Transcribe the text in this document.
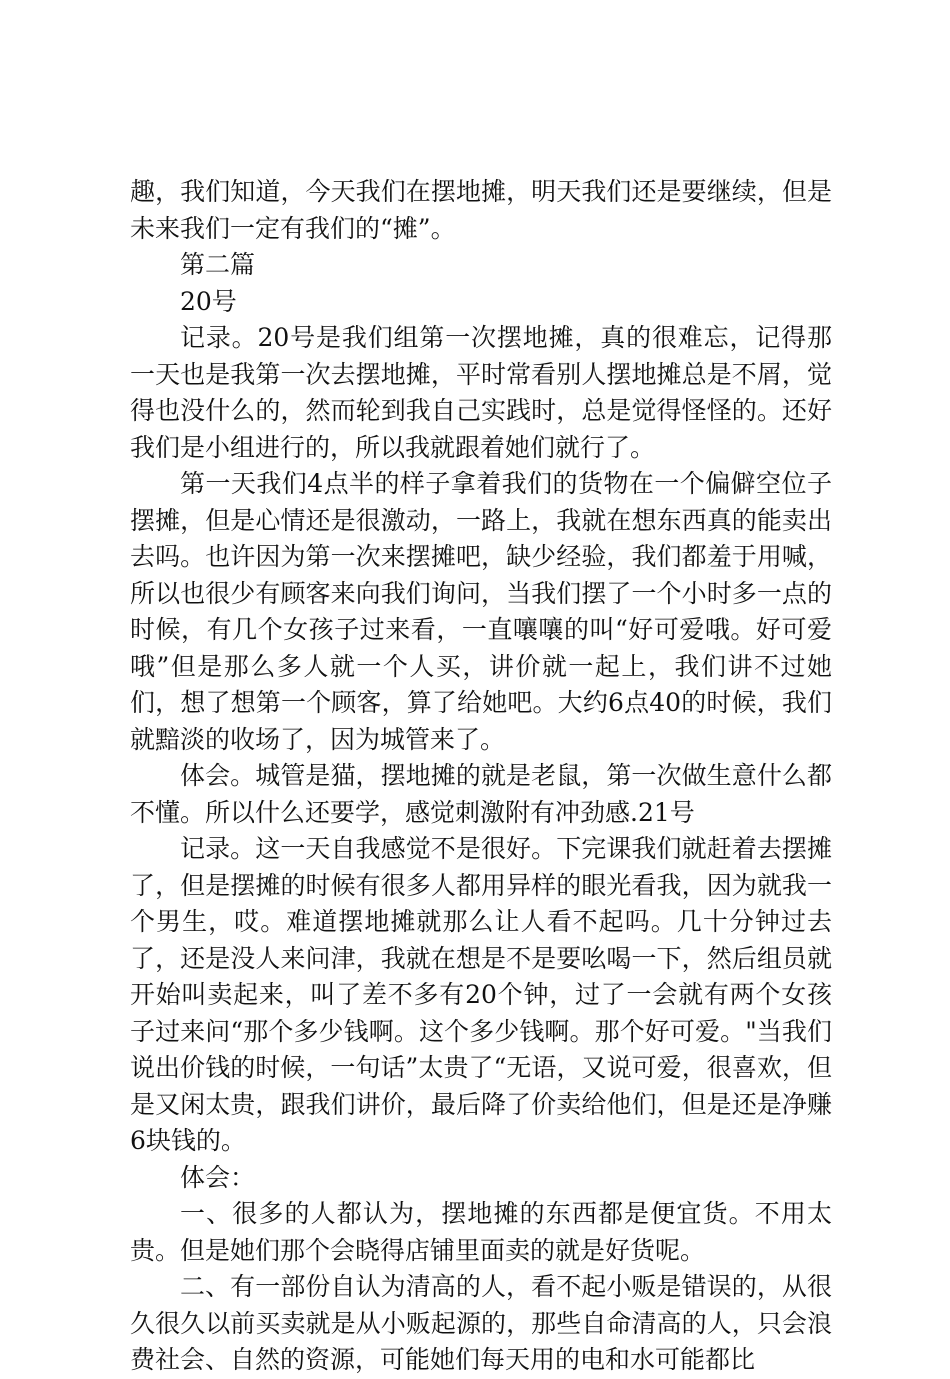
趣，我们知道，今天我们在摆地摊，明天我们还是要继续，但是未来我们一定有我们的“摊”。

第二篇

20号

记录。20号是我们组第一次摆地摊，真的很难忘，记得那一天也是我第一次去摆地摊，平时常看别人摆地摊总是不屑，觉得也没什么的，然而轮到我自己实践时，总是觉得怪怪的。还好我们是小组进行的，所以我就跟着她们就行了。

第一天我们4点半的样子拿着我们的货物在一个偏僻空位子摆摊，但是心情还是很激动，一路上，我就在想东西真的能卖出去吗。也许因为第一次来摆摊吧，缺少经验，我们都羞于用喊，所以也很少有顾客来向我们询问，当我们摆了一个小时多一点的时候，有几个女孩子过来看，一直嚷嚷的叫“好可爱哦。好可爱哦”但是那么多人就一个人买，讲价就一起上，我们讲不过她们，想了想第一个顾客，算了给她吧。大约6点40的时候，我们就黯淡的收场了，因为城管来了。

体会。城管是猫，摆地摊的就是老鼠，第一次做生意什么都不懂。所以什么还要学，感觉刺激附有冲劲感.21号

记录。这一天自我感觉不是很好。下完课我们就赶着去摆摊了，但是摆摊的时候有很多人都用异样的眼光看我，因为就我一个男生，哎。难道摆地摊就那么让人看不起吗。几十分钟过去了，还是没人来问津，我就在想是不是要吆喝一下，然后组员就开始叫卖起来，叫了差不多有20个钟，过了一会就有两个女孩子过来问“那个多少钱啊。这个多少钱啊。那个好可爱。"当我们说出价钱的时候，一句话”太贵了“无语，又说可爱，很喜欢，但是又闲太贵，跟我们讲价，最后降了价卖给他们，但是还是净赚6块钱的。

体会：

一、很多的人都认为，摆地摊的东西都是便宜货。不用太贵。但是她们那个会晓得店铺里面卖的就是好货呢。

二、有一部份自认为清高的人，看不起小贩是错误的，从很久很久以前买卖就是从小贩起源的，那些自命清高的人，只会浪费社会、自然的资源，可能她们每天用的电和水可能都比
